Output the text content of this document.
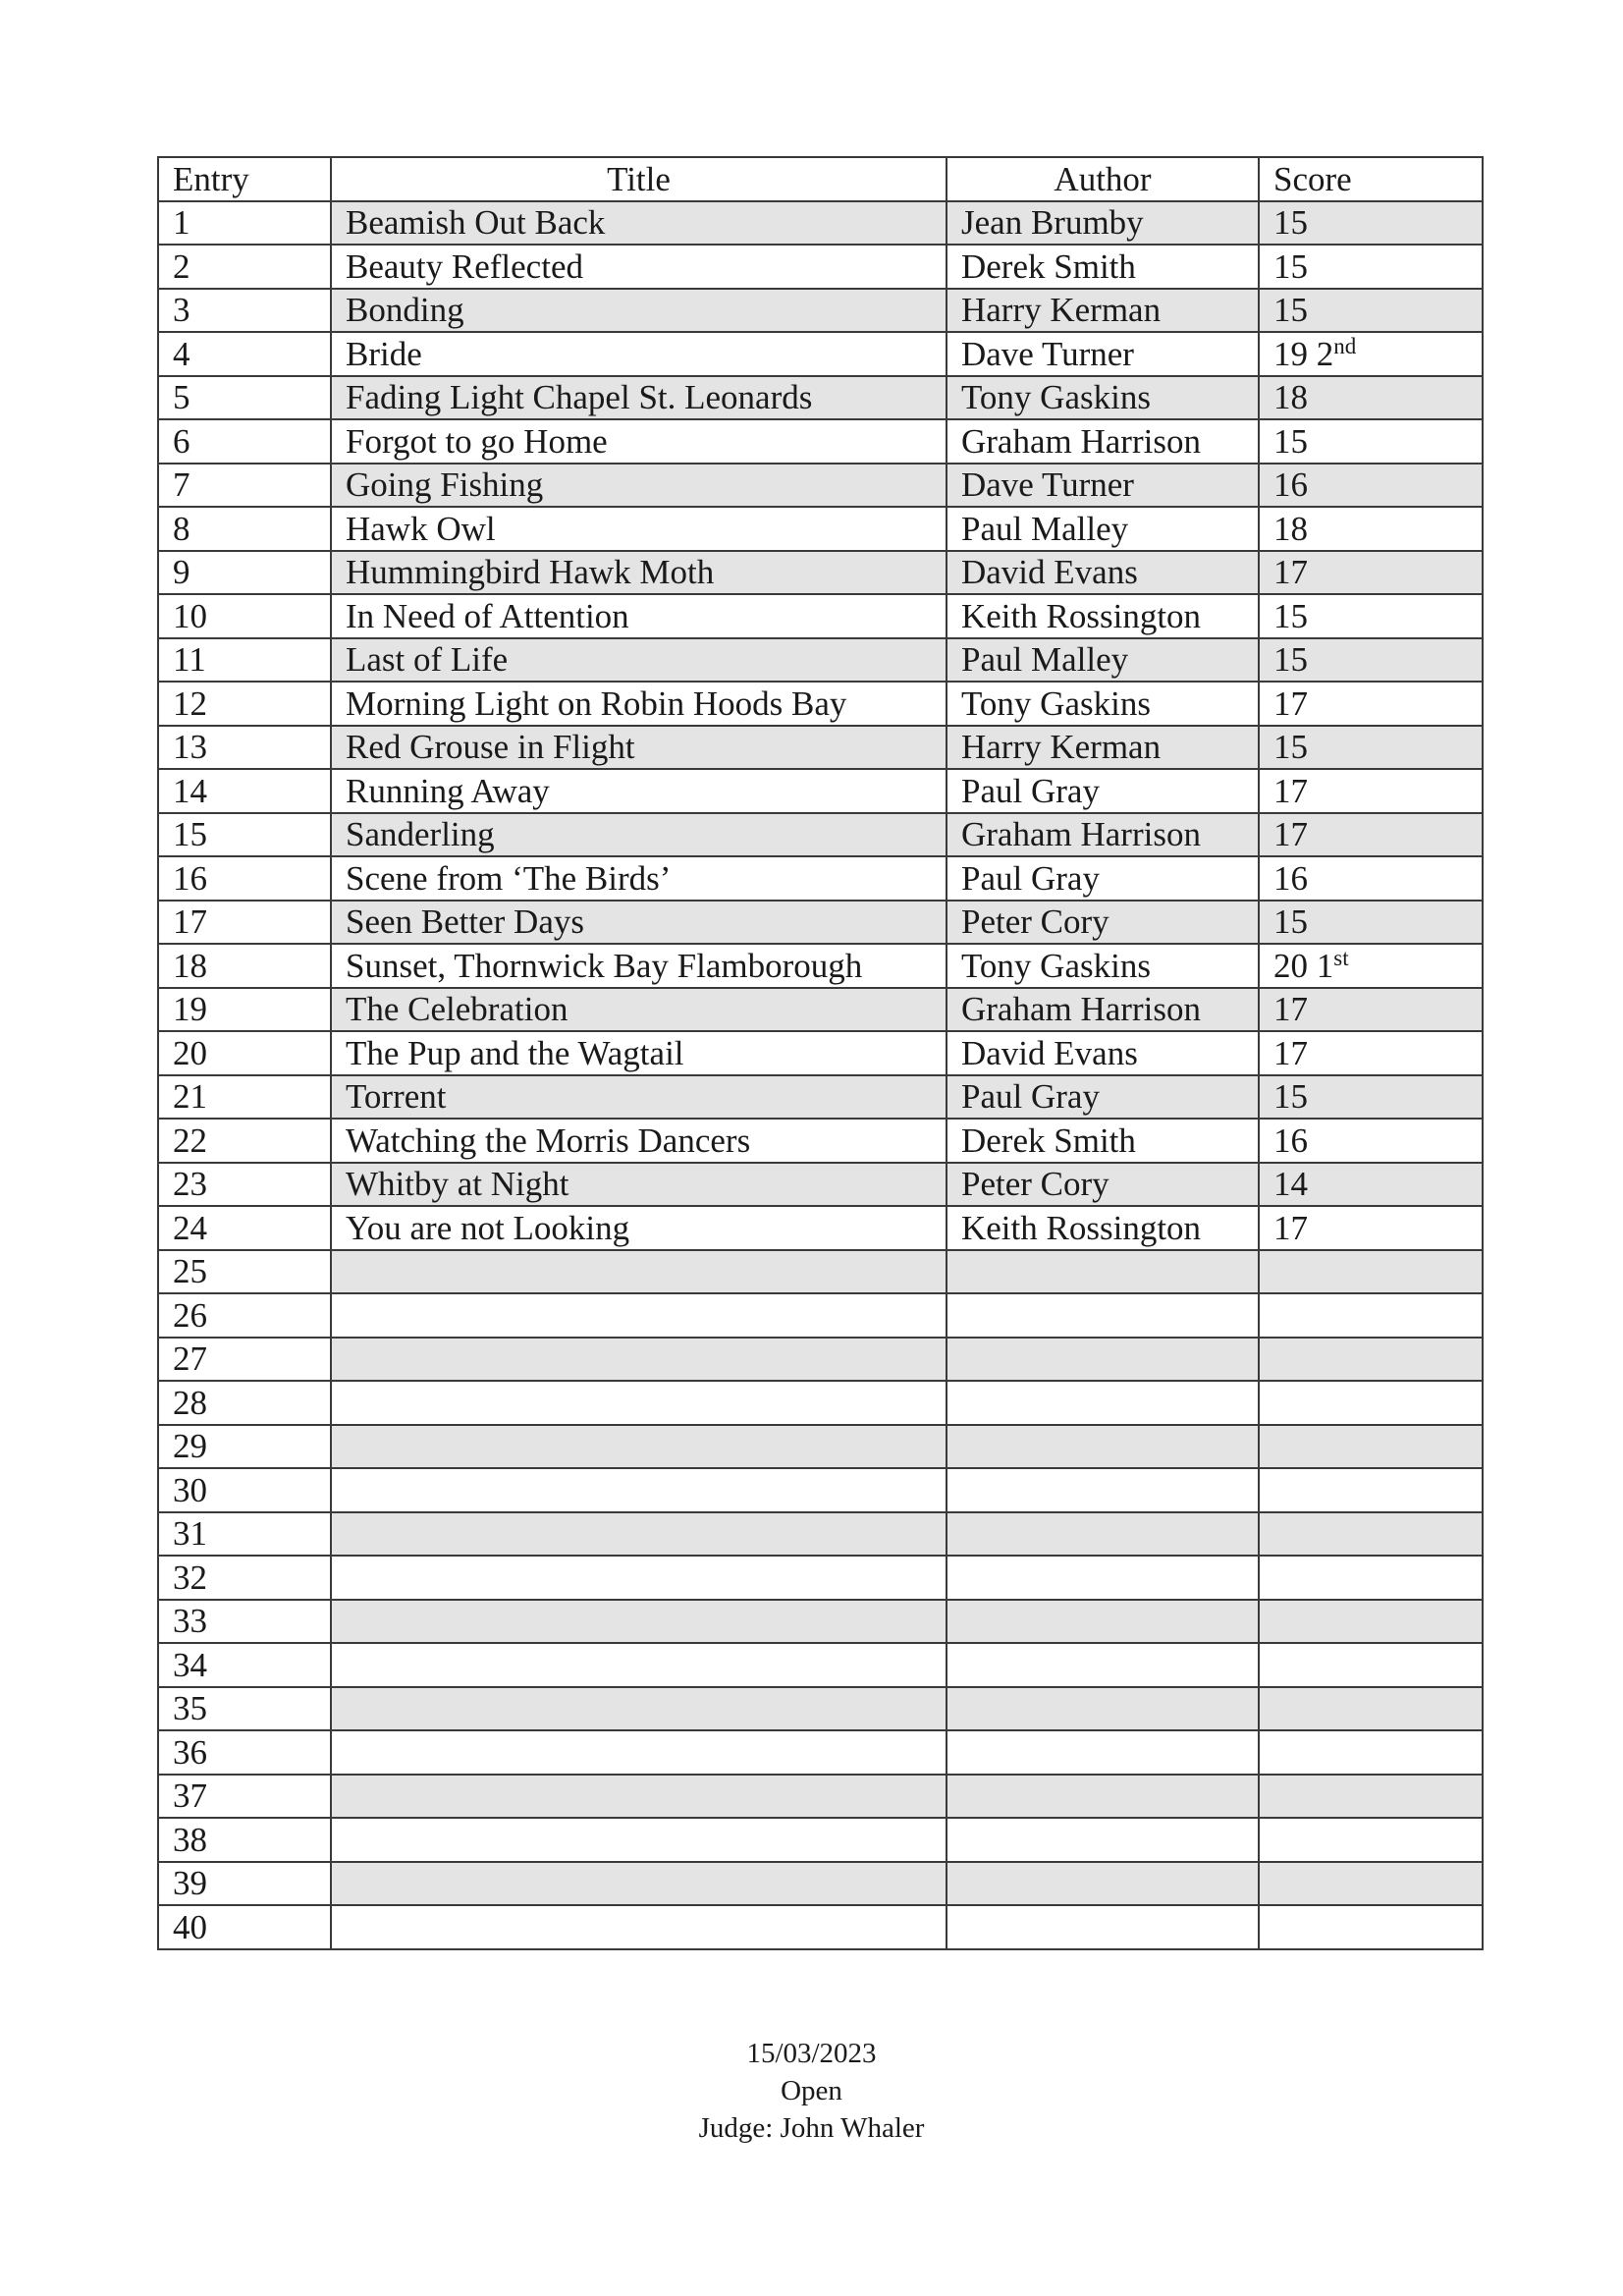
Entry	Title	Author	Score
1	Beamish Out Back	Jean Brumby	15
2	Beauty Reflected	Derek Smith	15
3	Bonding	Harry Kerman	15
4	Bride	Dave Turner	19 2nd
5	Fading Light Chapel St. Leonards	Tony Gaskins	18
6	Forgot to go Home	Graham Harrison	15
7	Going Fishing	Dave Turner	16
8	Hawk Owl	Paul Malley	18
9	Hummingbird Hawk Moth	David Evans	17
10	In Need of Attention	Keith Rossington	15
11	Last of Life	Paul Malley	15
12	Morning Light on Robin Hoods Bay	Tony Gaskins	17
13	Red Grouse in Flight	Harry Kerman	15
14	Running Away	Paul Gray	17
15	Sanderling	Graham Harrison	17
16	Scene from ‘The Birds’	Paul Gray	16
17	Seen Better Days	Peter Cory	15
18	Sunset, Thornwick Bay Flamborough	Tony Gaskins	20 1st
19	The Celebration	Graham Harrison	17
20	The Pup and the Wagtail	David Evans	17
21	Torrent	Paul Gray	15
22	Watching the Morris Dancers	Derek Smith	16
23	Whitby at Night	Peter Cory	14
24	You are not Looking	Keith Rossington	17
25			
26			
27			
28			
29			
30			
31			
32			
33			
34			
35			
36			
37			
38			
39			
40			
15/03/2023
Open
Judge: John Whaler
